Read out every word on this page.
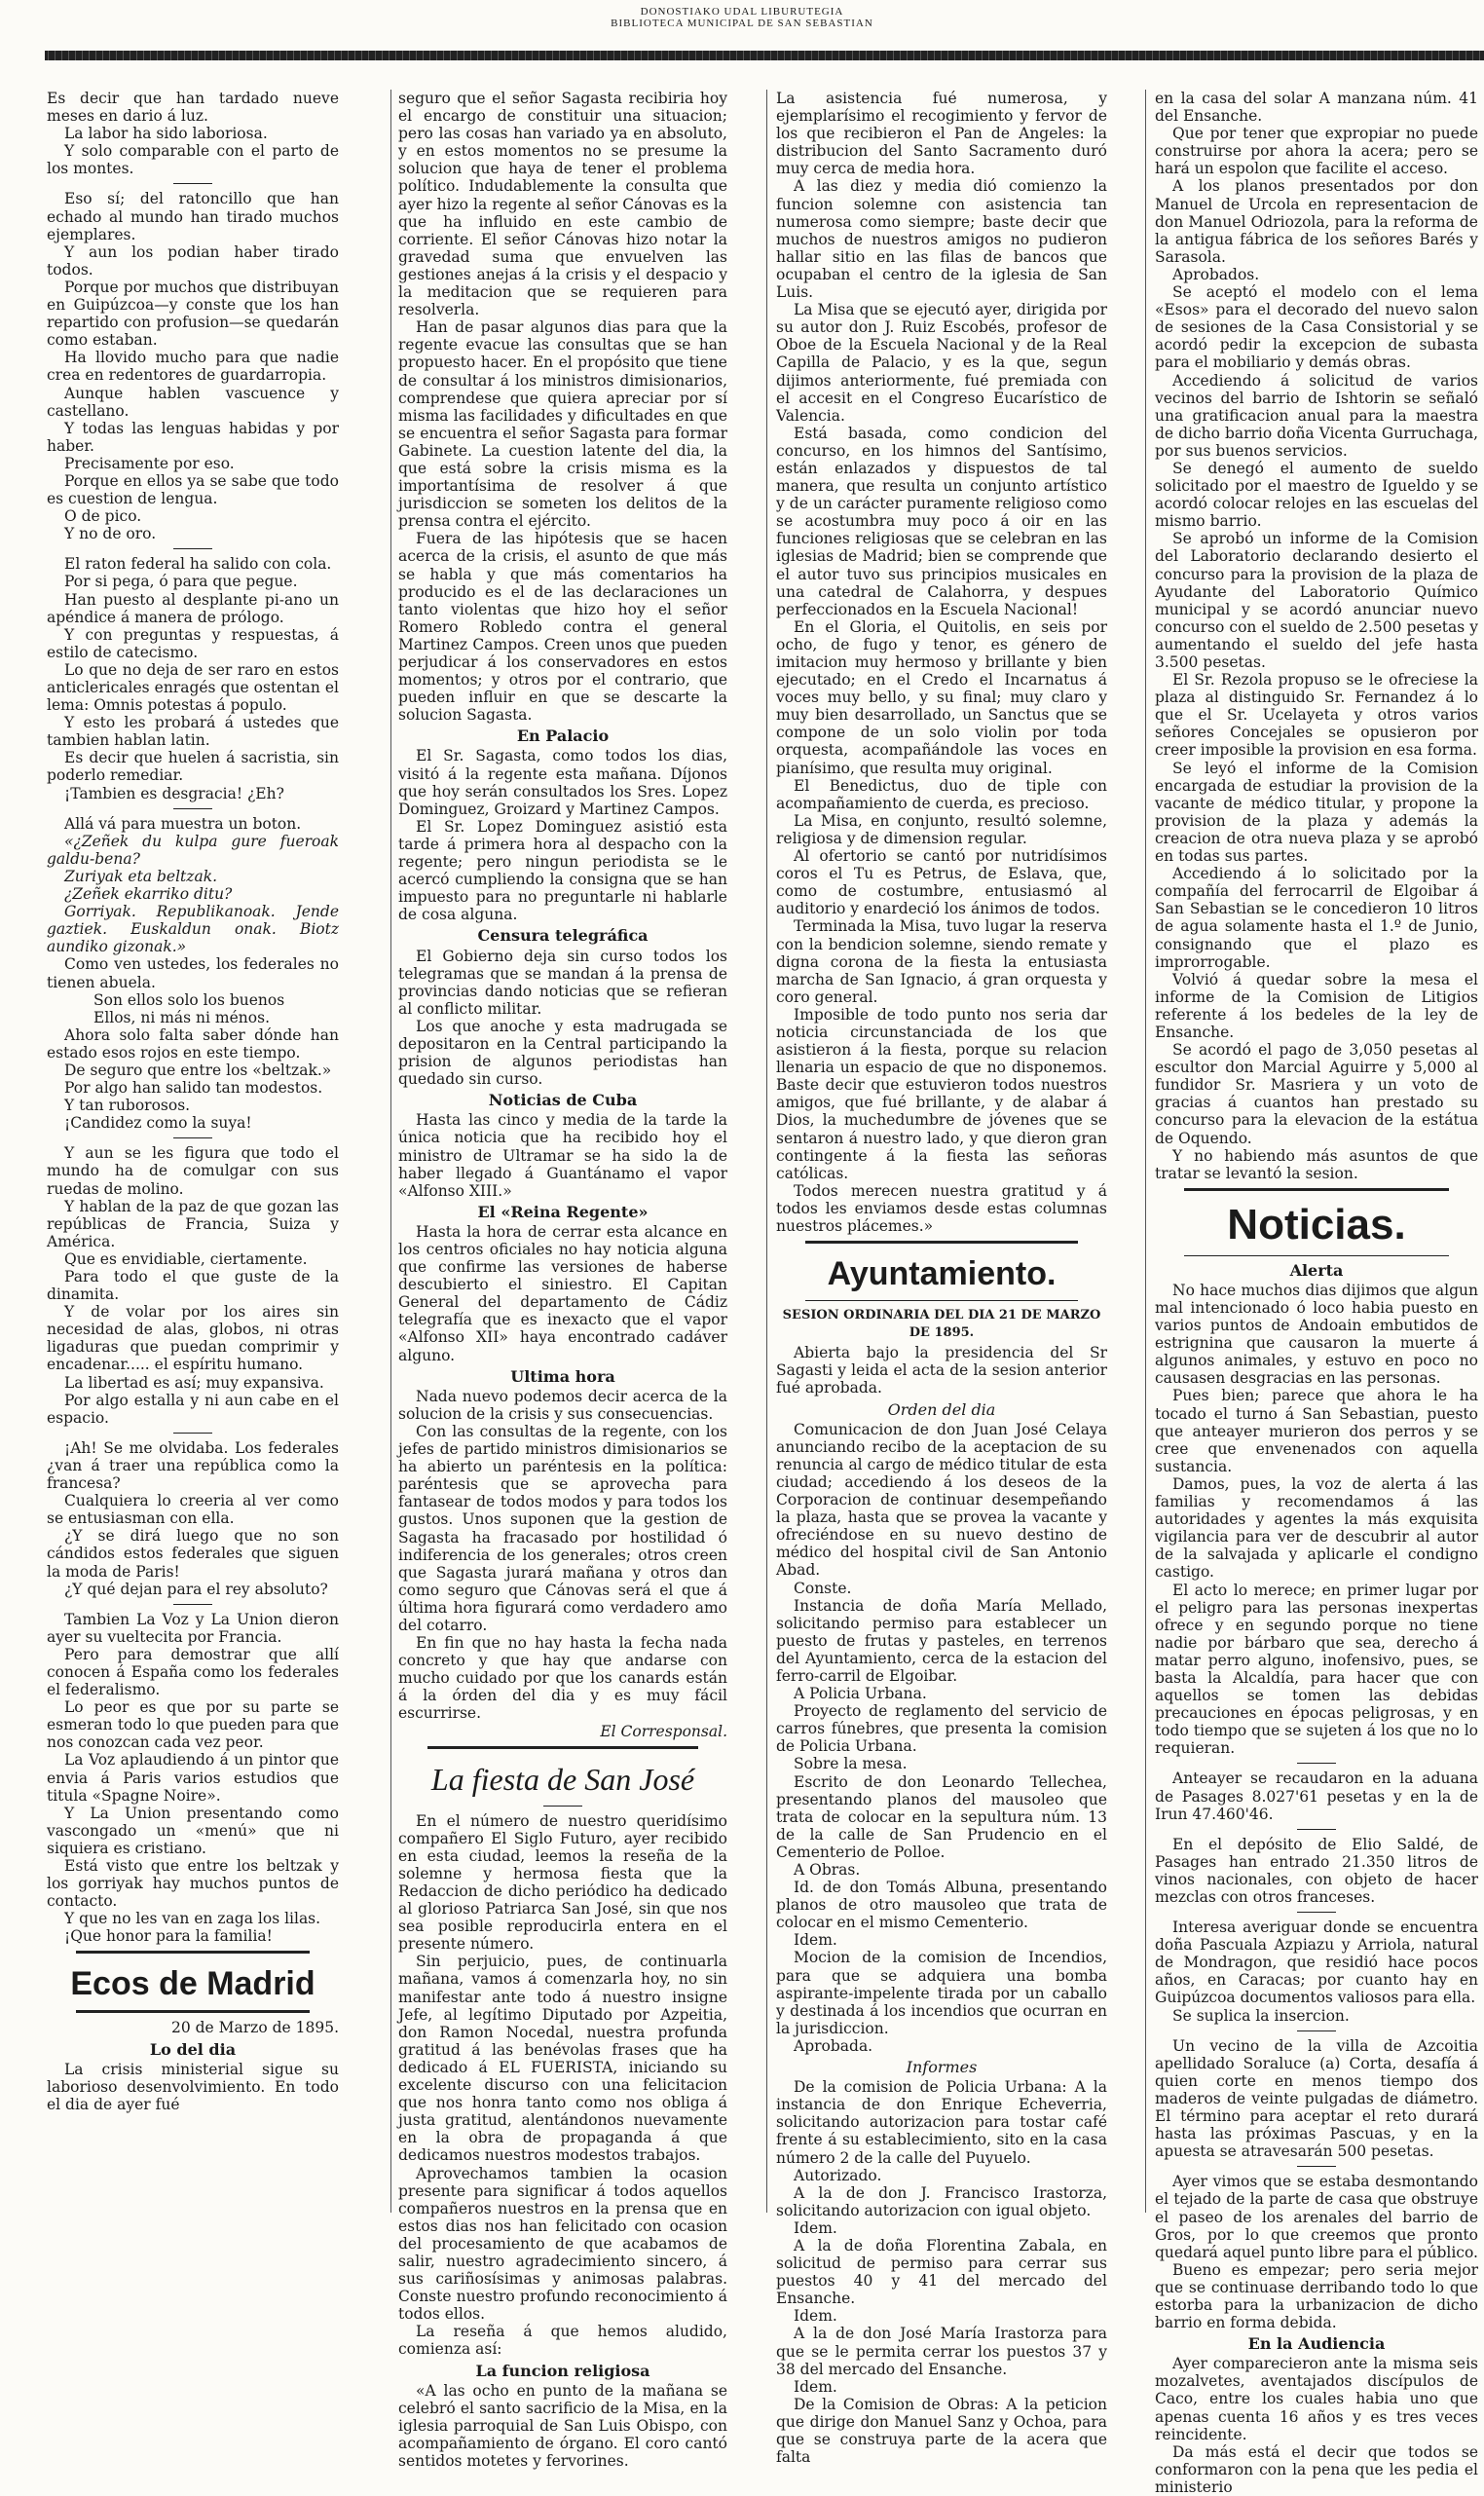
DONOSTIAKO UDAL LIBURUTEGIA
BIBLIOTECA MUNICIPAL DE SAN SEBASTIAN

Es decir que han tardado nueve meses en dario á luz.

La labor ha sido laboriosa.

Y solo comparable con el parto de los montes.

Eso sí; del ratoncillo que han echado al mundo han tirado muchos ejemplares.

Y aun los podian haber tirado todos.

Porque por muchos que distribuyan en Guipúzcoa—y conste que los han repartido con profusion—se quedarán como estaban.

Ha llovido mucho para que nadie crea en redentores de guardarropia.

Aunque hablen vascuence y castellano.

Y todas las lenguas habidas y por haber.

Precisamente por eso.

Porque en ellos ya se sabe que todo es cuestion de lengua.

O de pico.

Y no de oro.

El raton federal ha salido con cola.

Por si pega, ó para que pegue.

Han puesto al desplante pi-ano un apéndice á manera de prólogo.

Y con preguntas y respuestas, á estilo de catecismo.

Lo que no deja de ser raro en estos anticlericales enragés que ostentan el lema: Omnis potestas á populo.

Y esto les probará á ustedes que tambien hablan latin.

Es decir que huelen á sacristia, sin poderlo remediar.

¡Tambien es desgracia! ¿Eh?

Allá vá para muestra un boton.

«¿Zeñek du kulpa gure fueroak galdu-bena?

Zuriyak eta beltzak.

¿Zeñek ekarriko ditu?

Gorriyak. Republikanoak. Jende gaztiek. Euskaldun onak. Biotz aundiko gizonak.»

Como ven ustedes, los federales no tienen abuela.

Son ellos solo los buenos

Ellos, ni más ni ménos.

Ahora solo falta saber dónde han estado esos rojos en este tiempo.

De seguro que entre los «beltzak.»

Por algo han salido tan modestos.

Y tan ruborosos.

¡Candidez como la suya!

Y aun se les figura que todo el mundo ha de comulgar con sus ruedas de molino.

Y hablan de la paz de que gozan las repúblicas de Francia, Suiza y América.

Que es envidiable, ciertamente.

Para todo el que guste de la dinamita.

Y de volar por los aires sin necesidad de alas, globos, ni otras ligaduras que puedan comprimir y encadenar..... el espíritu humano.

La libertad es así; muy expansiva.

Por algo estalla y ni aun cabe en el espacio.

¡Ah! Se me olvidaba. Los federales ¿van á traer una república como la francesa?

Cualquiera lo creeria al ver como se entusiasman con ella.

¿Y se dirá luego que no son cándidos estos federales que siguen la moda de Paris!

¿Y qué dejan para el rey absoluto?

Tambien La Voz y La Union dieron ayer su vueltecita por Francia.

Pero para demostrar que allí conocen á España como los federales el federalismo.

Lo peor es que por su parte se esmeran todo lo que pueden para que nos conozcan cada vez peor.

La Voz aplaudiendo á un pintor que envia á Paris varios estudios que titula «Spagne Noire».

Y La Union presentando como vascongado un «menú» que ni siquiera es cristiano.

Está visto que entre los beltzak y los gorriyak hay muchos puntos de contacto.

Y que no les van en zaga los lilas.

¡Que honor para la familia!

Ecos de Madrid

20 de Marzo de 1895.

Lo del dia

La crisis ministerial sigue su laborioso desenvolvimiento. En todo el dia de ayer fué

seguro que el señor Sagasta recibiria hoy el encargo de constituir una situacion; pero las cosas han variado ya en absoluto, y en estos momentos no se presume la solucion que haya de tener el problema político. Indudablemente la consulta que ayer hizo la regente al señor Cánovas es la que ha influido en este cambio de corriente. El señor Cánovas hizo notar la gravedad suma que envuelven las gestiones anejas á la crisis y el despacio y la meditacion que se requieren para resolverla.

Han de pasar algunos dias para que la regente evacue las consultas que se han propuesto hacer. En el propósito que tiene de consultar á los ministros dimisionarios, comprendese que quiera apreciar por sí misma las facilidades y dificultades en que se encuentra el señor Sagasta para formar Gabinete. La cuestion latente del dia, la que está sobre la crisis misma es la importantísima de resolver á que jurisdiccion se someten los delitos de la prensa contra el ejército.

Fuera de las hipótesis que se hacen acerca de la crisis, el asunto de que más se habla y que más comentarios ha producido es el de las declaraciones un tanto violentas que hizo hoy el señor Romero Robledo contra el general Martinez Campos. Creen unos que pueden perjudicar á los conservadores en estos momentos; y otros por el contrario, que pueden influir en que se descarte la solucion Sagasta.

En Palacio

El Sr. Sagasta, como todos los dias, visitó á la regente esta mañana. Díjonos que hoy serán consultados los Sres. Lopez Dominguez, Groizard y Martinez Campos.

El Sr. Lopez Dominguez asistió esta tarde á primera hora al despacho con la regente; pero ningun periodista se le acercó cumpliendo la consigna que se han impuesto para no preguntarle ni hablarle de cosa alguna.

Censura telegráfica

El Gobierno deja sin curso todos los telegramas que se mandan á la prensa de provincias dando noticias que se refieran al conflicto militar.

Los que anoche y esta madrugada se depositaron en la Central participando la prision de algunos periodistas han quedado sin curso.

Noticias de Cuba

Hasta las cinco y media de la tarde la única noticia que ha recibido hoy el ministro de Ultramar se ha sido la de haber llegado á Guantánamo el vapor «Alfonso XIII.»

El «Reina Regente»

Hasta la hora de cerrar esta alcance en los centros oficiales no hay noticia alguna que confirme las versiones de haberse descubierto el siniestro. El Capitan General del departamento de Cádiz telegrafía que es inexacto que el vapor «Alfonso XII» haya encontrado cadáver alguno.

Ultima hora

Nada nuevo podemos decir acerca de la solucion de la crisis y sus consecuencias.

Con las consultas de la regente, con los jefes de partido ministros dimisionarios se ha abierto un paréntesis en la política: paréntesis que se aprovecha para fantasear de todos modos y para todos los gustos. Unos suponen que la gestion de Sagasta ha fracasado por hostilidad ó indiferencia de los generales; otros creen que Sagasta jurará mañana y otros dan como seguro que Cánovas será el que á última hora figurará como verdadero amo del cotarro.

En fin que no hay hasta la fecha nada concreto y que hay que andarse con mucho cuidado por que los canards están á la órden del dia y es muy fácil escurrirse.

El Corresponsal.

La fiesta de San José

En el número de nuestro queridísimo compañero El Siglo Futuro, ayer recibido en esta ciudad, leemos la reseña de la solemne y hermosa fiesta que la Redaccion de dicho periódico ha dedicado al glorioso Patriarca San José, sin que nos sea posible reproducirla entera en el presente número.

Sin perjuicio, pues, de continuarla mañana, vamos á comenzarla hoy, no sin manifestar ante todo á nuestro insigne Jefe, al legítimo Diputado por Azpeitia, don Ramon Nocedal, nuestra profunda gratitud á las benévolas frases que ha dedicado á EL FUERISTA, iniciando su excelente discurso con una felicitacion que nos honra tanto como nos obliga á justa gratitud, alentándonos nuevamente en la obra de propaganda á que dedicamos nuestros modestos trabajos.

Aprovechamos tambien la ocasion presente para significar á todos aquellos compañeros nuestros en la prensa que en estos dias nos han felicitado con ocasion del procesamiento de que acabamos de salir, nuestro agradecimiento sincero, á sus cariñosísimas y animosas palabras. Conste nuestro profundo reconocimiento á todos ellos.

La reseña á que hemos aludido, comienza así:

La funcion religiosa

«A las ocho en punto de la mañana se celebró el santo sacrificio de la Misa, en la iglesia parroquial de San Luis Obispo, con acompañamiento de órgano. El coro cantó sentidos motetes y fervorines.

La asistencia fué numerosa, y ejemplarísimo el recogimiento y fervor de los que recibieron el Pan de Angeles: la distribucion del Santo Sacramento duró muy cerca de media hora.

A las diez y media dió comienzo la funcion solemne con asistencia tan numerosa como siempre; baste decir que muchos de nuestros amigos no pudieron hallar sitio en las filas de bancos que ocupaban el centro de la iglesia de San Luis.

La Misa que se ejecutó ayer, dirigida por su autor don J. Ruiz Escobés, profesor de Oboe de la Escuela Nacional y de la Real Capilla de Palacio, y es la que, segun dijimos anteriormente, fué premiada con el accesit en el Congreso Eucarístico de Valencia.

Está basada, como condicion del concurso, en los himnos del Santísimo, están enlazados y dispuestos de tal manera, que resulta un conjunto artístico y de un carácter puramente religioso como se acostumbra muy poco á oir en las funciones religiosas que se celebran en las iglesias de Madrid; bien se comprende que el autor tuvo sus principios musicales en una catedral de Calahorra, y despues perfeccionados en la Escuela Nacional!

En el Gloria, el Quitolis, en seis por ocho, de fugo y tenor, es género de imitacion muy hermoso y brillante y bien ejecutado; en el Credo el Incarnatus á voces muy bello, y su final; muy claro y muy bien desarrollado, un Sanctus que se compone de un solo violin por toda orquesta, acompañándole las voces en pianísimo, que resulta muy original.

El Benedictus, duo de tiple con acompañamiento de cuerda, es precioso.

La Misa, en conjunto, resultó solemne, religiosa y de dimension regular.

Al ofertorio se cantó por nutridísimos coros el Tu es Petrus, de Eslava, que, como de costumbre, entusiasmó al auditorio y enardeció los ánimos de todos.

Terminada la Misa, tuvo lugar la reserva con la bendicion solemne, siendo remate y digna corona de la fiesta la entusiasta marcha de San Ignacio, á gran orquesta y coro general.

Imposible de todo punto nos seria dar noticia circunstanciada de los que asistieron á la fiesta, porque su relacion llenaria un espacio de que no disponemos. Baste decir que estuvieron todos nuestros amigos, que fué brillante, y de alabar á Dios, la muchedumbre de jóvenes que se sentaron á nuestro lado, y que dieron gran contingente á la fiesta las señoras católicas.

Todos merecen nuestra gratitud y á todos les enviamos desde estas columnas nuestros plácemes.»

Ayuntamiento.
SESION ORDINARIA DEL DIA 21 DE MARZO DE 1895.

Abierta bajo la presidencia del Sr Sagasti y leida el acta de la sesion anterior fué aprobada.

Orden del dia

Comunicacion de don Juan José Celaya anunciando recibo de la aceptacion de su renuncia al cargo de médico titular de esta ciudad; accediendo á los deseos de la Corporacion de continuar desempeñando la plaza, hasta que se provea la vacante y ofreciéndose en su nuevo destino de médico del hospital civil de San Antonio Abad.

Conste.

Instancia de doña María Mellado, solicitando permiso para establecer un puesto de frutas y pasteles, en terrenos del Ayuntamiento, cerca de la estacion del ferro-carril de Elgoibar.

A Policia Urbana.

Proyecto de reglamento del servicio de carros fúnebres, que presenta la comision de Policia Urbana.

Sobre la mesa.

Escrito de don Leonardo Tellechea, presentando planos del mausoleo que trata de colocar en la sepultura núm. 13 de la calle de San Prudencio en el Cementerio de Polloe.

A Obras.

Id. de don Tomás Albuna, presentando planos de otro mausoleo que trata de colocar en el mismo Cementerio.

Idem.

Mocion de la comision de Incendios, para que se adquiera una bomba aspirante-impelente tirada por un caballo y destinada á los incendios que ocurran en la jurisdiccion.

Aprobada.

Informes

De la comision de Policia Urbana: A la instancia de don Enrique Echeverria, solicitando autorizacion para tostar café frente á su establecimiento, sito en la casa número 2 de la calle del Puyuelo.

Autorizado.

A la de don J. Francisco Irastorza, solicitando autorizacion con igual objeto.

Idem.

A la de doña Florentina Zabala, en solicitud de permiso para cerrar sus puestos 40 y 41 del mercado del Ensanche.

Idem.

A la de don José María Irastorza para que se le permita cerrar los puestos 37 y 38 del mercado del Ensanche.

Idem.

De la Comision de Obras: A la peticion que dirige don Manuel Sanz y Ochoa, para que se construya parte de la acera que falta

en la casa del solar A manzana núm. 41 del Ensanche.

Que por tener que expropiar no puede construirse por ahora la acera; pero se hará un espolon que facilite el acceso.

A los planos presentados por don Manuel de Urcola en representacion de don Manuel Odriozola, para la reforma de la antigua fábrica de los señores Barés y Sarasola.

Aprobados.

Se aceptó el modelo con el lema «Esos» para el decorado del nuevo salon de sesiones de la Casa Consistorial y se acordó pedir la excepcion de subasta para el mobiliario y demás obras.

Accediendo á solicitud de varios vecinos del barrio de Ishtorin se señaló una gratificacion anual para la maestra de dicho barrio doña Vicenta Gurruchaga, por sus buenos servicios.

Se denegó el aumento de sueldo solicitado por el maestro de Igueldo y se acordó colocar relojes en las escuelas del mismo barrio.

Se aprobó un informe de la Comision del Laboratorio declarando desierto el concurso para la provision de la plaza de Ayudante del Laboratorio Químico municipal y se acordó anunciar nuevo concurso con el sueldo de 2.500 pesetas y aumentando el sueldo del jefe hasta 3.500 pesetas.

El Sr. Rezola propuso se le ofreciese la plaza al distinguido Sr. Fernandez á lo que el Sr. Ucelayeta y otros varios señores Concejales se opusieron por creer imposible la provision en esa forma.

Se leyó el informe de la Comision encargada de estudiar la provision de la vacante de médico titular, y propone la provision de la plaza y además la creacion de otra nueva plaza y se aprobó en todas sus partes.

Accediendo á lo solicitado por la compañía del ferrocarril de Elgoibar á San Sebastian se le concedieron 10 litros de agua solamente hasta el 1.º de Junio, consignando que el plazo es improrrogable.

Volvió á quedar sobre la mesa el informe de la Comision de Litigios referente á los bedeles de la ley de Ensanche.

Se acordó el pago de 3,050 pesetas al escultor don Marcial Aguirre y 5,000 al fundidor Sr. Masriera y un voto de gracias á cuantos han prestado su concurso para la elevacion de la estátua de Oquendo.

Y no habiendo más asuntos de que tratar se levantó la sesion.

Noticias.
Alerta

No hace muchos dias dijimos que algun mal intencionado ó loco habia puesto en varios puntos de Andoain embutidos de estrignina que causaron la muerte á algunos animales, y estuvo en poco no causasen desgracias en las personas.

Pues bien; parece que ahora le ha tocado el turno á San Sebastian, puesto que anteayer murieron dos perros y se cree que envenenados con aquella sustancia.

Damos, pues, la voz de alerta á las familias y recomendamos á las autoridades y agentes la más exquisita vigilancia para ver de descubrir al autor de la salvajada y aplicarle el condigno castigo.

El acto lo merece; en primer lugar por el peligro para las personas inexpertas ofrece y en segundo porque no tiene nadie por bárbaro que sea, derecho á matar perro alguno, inofensivo, pues, se basta la Alcaldía, para hacer que con aquellos se tomen las debidas precauciones en épocas peligrosas, y en todo tiempo que se sujeten á los que no lo requieran.

Anteayer se recaudaron en la aduana de Pasages 8.027'61 pesetas y en la de Irun 47.460'46.

En el depósito de Elio Saldé, de Pasages han entrado 21.350 litros de vinos nacionales, con objeto de hacer mezclas con otros franceses.

Interesa averiguar donde se encuentra doña Pascuala Azpiazu y Arriola, natural de Mondragon, que residió hace pocos años, en Caracas; por cuanto hay en Guipúzcoa documentos valiosos para ella.

Se suplica la insercion.

Un vecino de la villa de Azcoitia apellidado Soraluce (a) Corta, desafía á quien corte en menos tiempo dos maderos de veinte pulgadas de diámetro. El término para aceptar el reto durará hasta las próximas Pascuas, y en la apuesta se atravesarán 500 pesetas.

Ayer vimos que se estaba desmontando el tejado de la parte de casa que obstruye el paseo de los arenales del barrio de Gros, por lo que creemos que pronto quedará aquel punto libre para el público.

Bueno es empezar; pero seria mejor que se continuase derribando todo lo que estorba para la urbanizacion de dicho barrio en forma debida.

En la Audiencia

Ayer comparecieron ante la misma seis mozalvetes, aventajados discípulos de Caco, entre los cuales habia uno que apenas cuenta 16 años y es tres veces reincidente.

Da más está el decir que todos se conformaron con la pena que les pedia el ministerio
